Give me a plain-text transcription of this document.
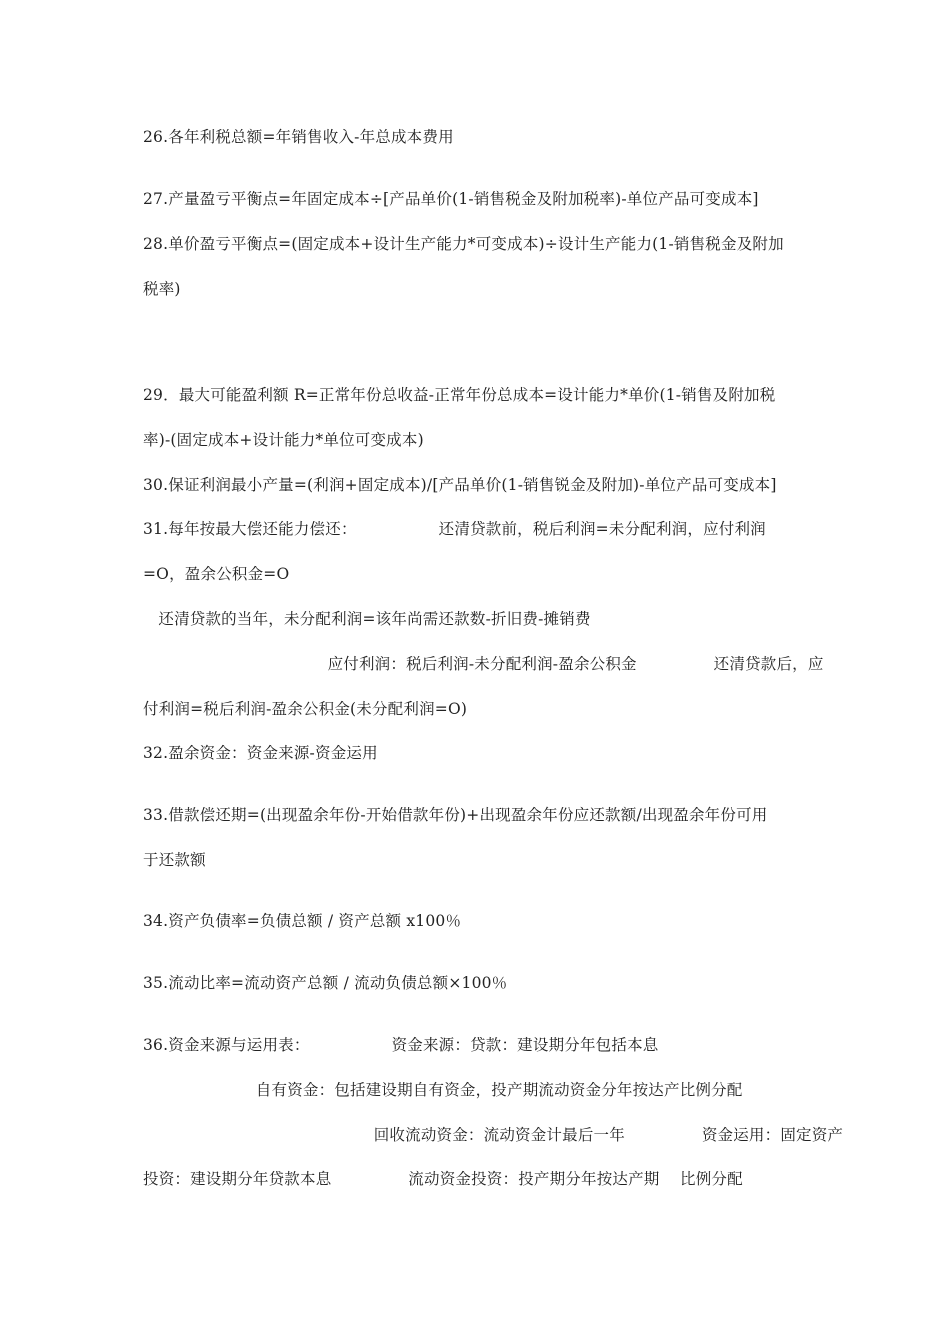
26.各年利税总额=年销售收入-年总成本费用
27.产量盈亏平衡点=年固定成本÷[产品单价(1-销售税金及附加税率)-单位产品可变成本]
28.单价盈亏平衡点=(固定成本+设计生产能力*可变成本)÷设计生产能力(1-销售税金及附加
税率)
29．最大可能盈利额 R=正常年份总收益-正常年份总成本=设计能力*单价(1-销售及附加税
率)-(固定成本+设计能力*单位可变成本)
30.保证利润最小产量=(利润+固定成本)/[产品单价(1-销售锐金及附加)-单位产品可变成本]
31.每年按最大偿还能力偿还：                还清贷款前，税后利润=未分配利润，应付利润
=O，盈余公积金=O
还清贷款的当年，未分配利润=该年尚需还款数-折旧费-摊销费
应付利润：税后利润-未分配利润-盈余公积金               还清贷款后，应
付利润=税后利润-盈余公积金(未分配利润=O)
32.盈余资金：资金来源-资金运用
33.借款偿还期=(出现盈余年份-开始借款年份)+出现盈余年份应还款额/出现盈余年份可用
于还款额
34.资产负债率=负债总额 / 资产总额 x100％
35.流动比率=流动资产总额 / 流动负债总额×100％
36.资金来源与运用表：                资金来源：贷款：建设期分年包括本息
自有资金：包括建设期自有资金，投产期流动资金分年按达产比例分配
回收流动资金：流动资金计最后一年               资金运用：固定资产
投资：建设期分年贷款本息               流动资金投资：投产期分年按达产期    比例分配
